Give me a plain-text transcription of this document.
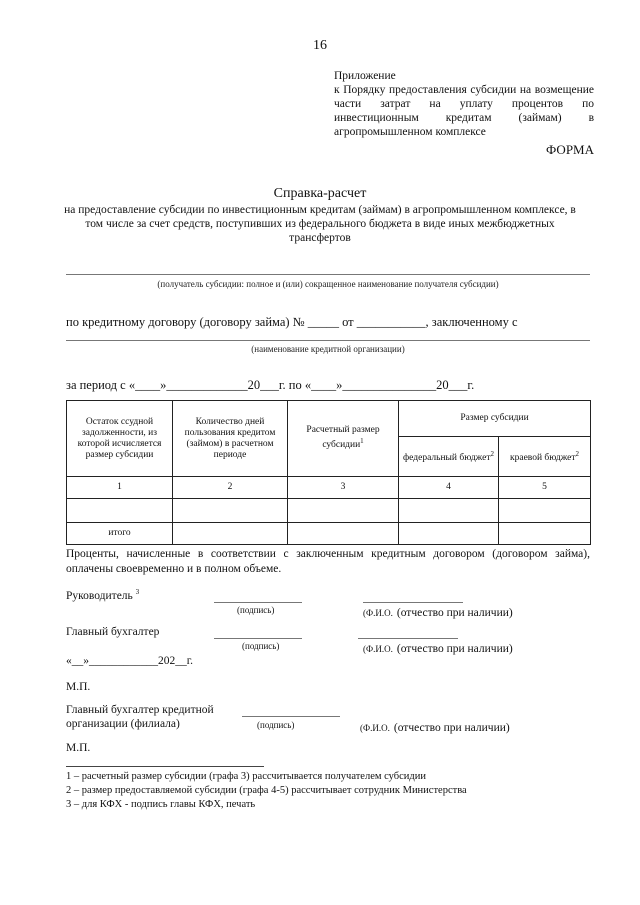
16
Приложение
к Порядку предоставления субсидии на возмещение части затрат на уплату процентов по инвестиционным кредитам (займам) в агропромышленном комплексе
ФОРМА
Справка-расчет
на предоставление субсидии по инвестиционным кредитам (займам) в агропромышленном комплексе, в том числе за счет средств, поступивших из федерального бюджета в виде иных межбюджетных трансфертов
(получатель субсидии: полное и (или) сокращенное наименование получателя субсидии)
по кредитному договору (договору займа) № _____ от ___________, заключенному с
(наименование кредитной организации)
за период с «____»_____________20___г. по «____»_______________20___г.
Остаток ссудной задолженности, из которой исчисляется размер субсидии	Количество дней пользования кредитом (займом) в расчетном периоде	Расчетный размер субсидии$^1$	Размер субсидии	
			федеральный бюджет$^2$	краевой бюджет$^2$
1	2	3	4	5

итого				
Проценты, начисленные в соответствии с заключенным кредитным договором (договором займа), оплачены своевременно и в полном объеме.
Руководитель $^3$
(подпись)	(Ф.И.О. (отчество при наличии)
Главный бухгалтер
(подпись)	(Ф.И.О. (отчество при наличии)
«__»____________202__г.
М.П.
Главный бухгалтер кредитной
организации (филиала)	(подпись)	(Ф.И.О. (отчество при наличии)
М.П.
1 – расчетный размер субсидии (графа 3) рассчитывается получателем субсидии
2 – размер предоставляемой субсидии (графа 4-5) рассчитывает сотрудник Министерства
3 – для КФХ - подпись главы КФХ, печать
